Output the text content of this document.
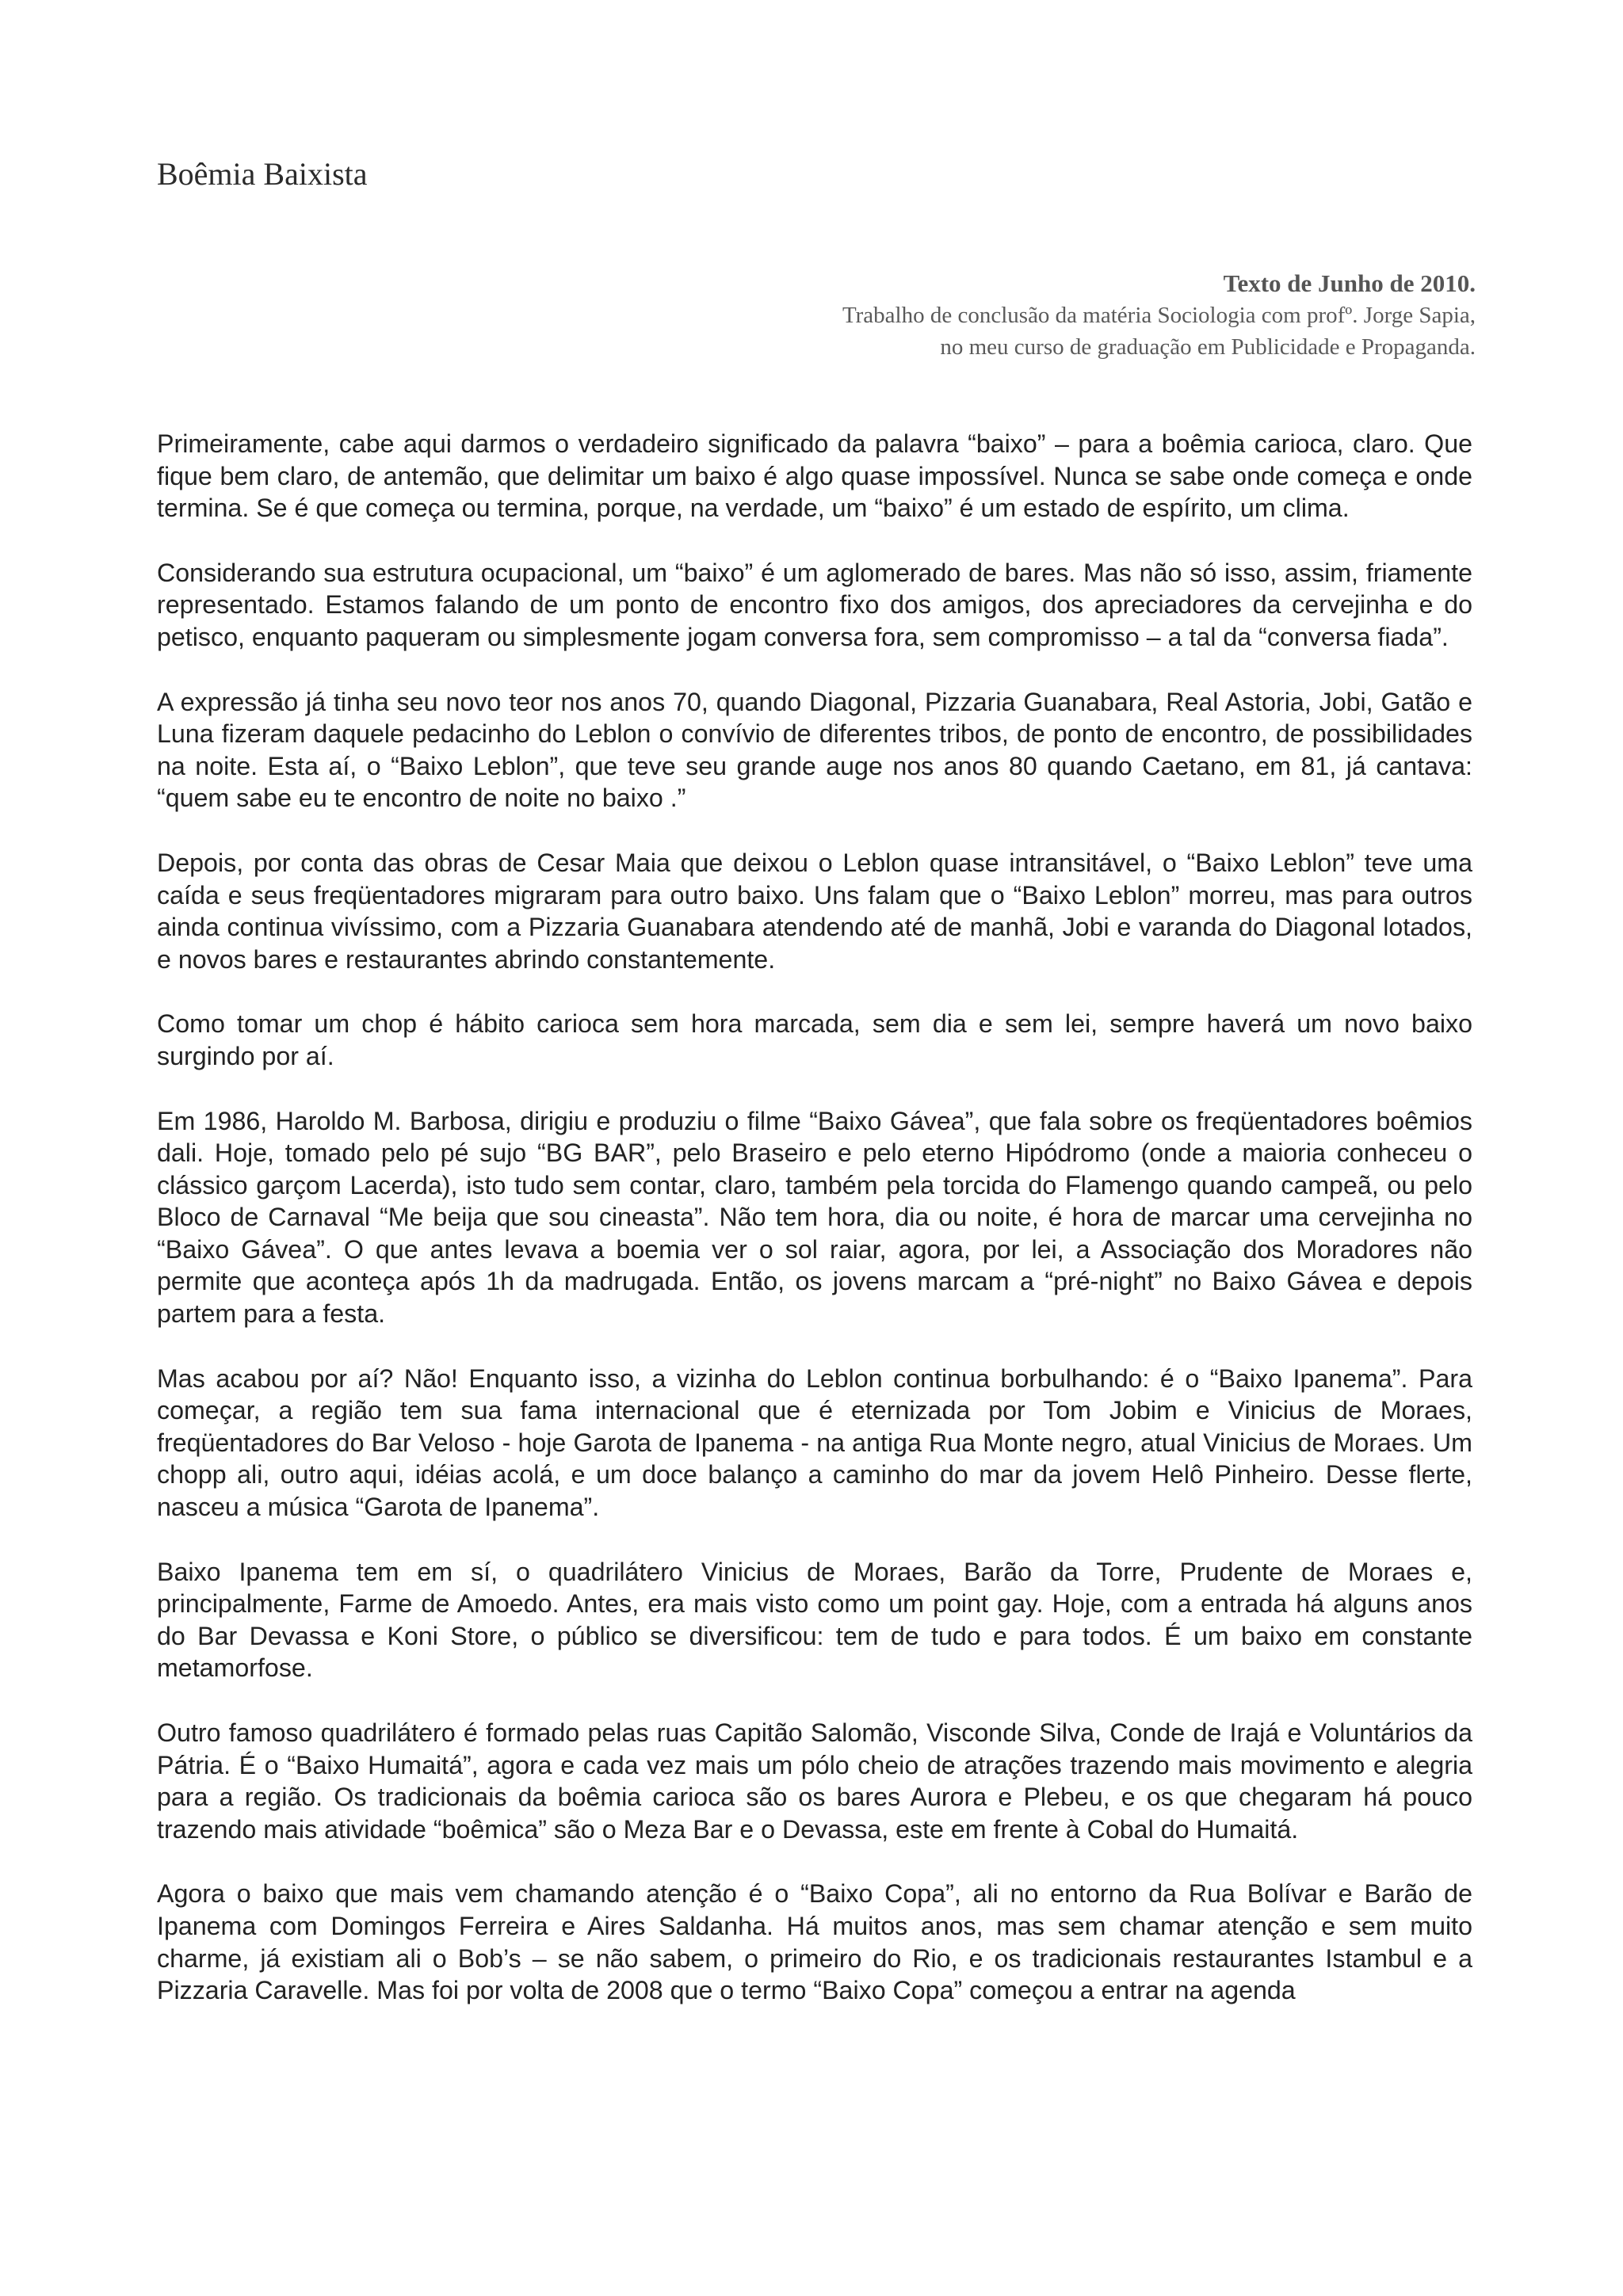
Boêmia Baixista
Texto de Junho de 2010.
Trabalho de conclusão da matéria Sociologia com profº. Jorge Sapia,
no meu curso de graduação em Publicidade e Propaganda.

Primeiramente, cabe aqui darmos o verdadeiro significado da palavra “baixo” – para a boêmia carioca, claro. Que fique bem claro, de antemão, que delimitar um baixo é algo quase impossível. Nunca se sabe onde começa e onde termina. Se é que começa ou termina, porque, na verdade, um “baixo” é um estado de espírito, um clima.

Considerando sua estrutura ocupacional, um “baixo” é um aglomerado de bares. Mas não só isso, assim, friamente representado. Estamos falando de um ponto de encontro fixo dos amigos, dos apreciadores da cervejinha e do petisco, enquanto paqueram ou simplesmente jogam conversa fora, sem compromisso – a tal da “conversa fiada”.

A expressão já tinha seu novo teor nos anos 70, quando Diagonal, Pizzaria Guanabara, Real Astoria, Jobi, Gatão e Luna fizeram daquele pedacinho do Leblon o convívio de diferentes tribos, de ponto de encontro, de possibilidades na noite. Esta aí, o “Baixo Leblon”, que teve seu grande auge nos anos 80 quando Caetano, em 81, já cantava: “quem sabe eu te encontro de noite no baixo .”

Depois, por conta das obras de Cesar Maia que deixou o Leblon quase intransitável, o “Baixo Leblon” teve uma caída e seus freqüentadores migraram para outro baixo. Uns falam que o “Baixo Leblon” morreu, mas para outros ainda continua vivíssimo, com a Pizzaria Guanabara atendendo até de manhã, Jobi e varanda do Diagonal lotados, e novos bares e restaurantes abrindo constantemente.

Como tomar um chop é hábito carioca sem hora marcada, sem dia e sem lei, sempre haverá um novo baixo surgindo por aí.

Em 1986, Haroldo M. Barbosa, dirigiu e produziu o filme “Baixo Gávea”, que fala sobre os freqüentadores boêmios dali. Hoje, tomado pelo pé sujo “BG BAR”, pelo Braseiro e pelo eterno Hipódromo (onde a maioria conheceu o clássico garçom Lacerda), isto tudo sem contar, claro, também pela torcida do Flamengo quando campeã, ou pelo Bloco de Carnaval “Me beija que sou cineasta”. Não tem hora, dia ou noite, é hora de marcar uma cervejinha no “Baixo Gávea”. O que antes levava a boemia ver o sol raiar, agora, por lei, a Associação dos Moradores não permite que aconteça após 1h da madrugada. Então, os jovens marcam a “pré-night” no Baixo Gávea e depois partem para a festa.

Mas acabou por aí? Não! Enquanto isso, a vizinha do Leblon continua borbulhando: é o “Baixo Ipanema”. Para começar, a região tem sua fama internacional que é eternizada por Tom Jobim e Vinicius de Moraes, freqüentadores do Bar Veloso - hoje Garota de Ipanema - na antiga Rua Monte negro, atual Vinicius de Moraes. Um chopp ali, outro aqui, idéias acolá, e um doce balanço a caminho do mar da jovem Helô Pinheiro. Desse flerte, nasceu a música “Garota de Ipanema”.

Baixo Ipanema tem em sí, o quadrilátero Vinicius de Moraes, Barão da Torre, Prudente de Moraes e, principalmente, Farme de Amoedo. Antes, era mais visto como um point gay. Hoje, com a entrada há alguns anos do Bar Devassa e Koni Store, o público se diversificou: tem de tudo e para todos. É um baixo em constante metamorfose.

Outro famoso quadrilátero é formado pelas ruas Capitão Salomão, Visconde Silva, Conde de Irajá e Voluntários da Pátria. É o “Baixo Humaitá”, agora e cada vez mais um pólo cheio de atrações trazendo mais movimento e alegria para a região. Os tradicionais da boêmia carioca são os bares Aurora e Plebeu, e os que chegaram há pouco trazendo mais atividade “boêmica” são o Meza Bar e o Devassa, este em frente à Cobal do Humaitá.

Agora o baixo que mais vem chamando atenção é o “Baixo Copa”, ali no entorno da Rua Bolívar e Barão de Ipanema com Domingos Ferreira e Aires Saldanha. Há muitos anos, mas sem chamar atenção e sem muito charme, já existiam ali o Bob’s – se não sabem, o primeiro do Rio, e os tradicionais restaurantes Istambul e a Pizzaria Caravelle. Mas foi por volta de 2008 que o termo “Baixo Copa” começou a entrar na agenda
